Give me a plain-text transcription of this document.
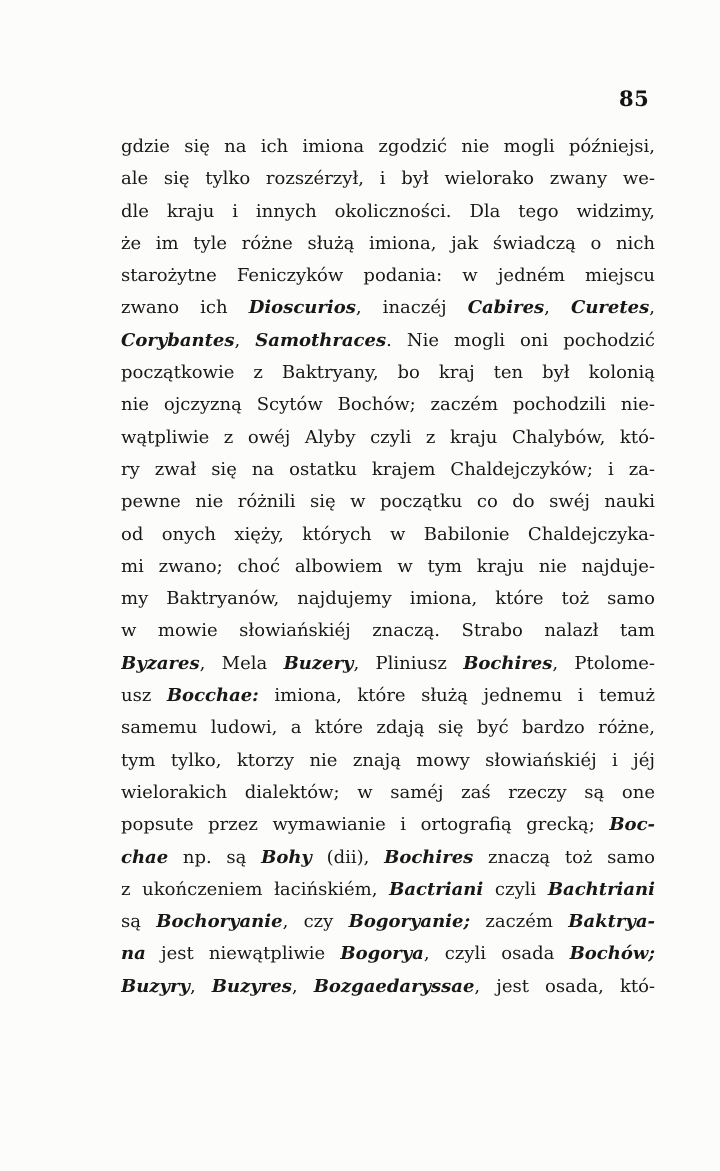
85
gdzie się na ich imiona zgodzić nie mogli późniejsi,
ale się tylko rozszérzył, i był wielorako zwany we-
dle kraju i innych okoliczności. Dla tego widzimy,
że im tyle różne służą imiona, jak świadczą o nich
starożytne Feniczyków podania: w jedném miejscu
zwano ich Dioscurios, inaczéj Cabires, Curetes,
Corybantes, Samothraces. Nie mogli oni pochodzić
początkowie z Baktryany, bo kraj ten był kolonią
nie ojczyzną Scytów Bochów; zaczém pochodzili nie-
wątpliwie z owéj Alyby czyli z kraju Chalybów, któ-
ry zwał się na ostatku krajem Chaldejczyków; i za-
pewne nie różnili się w początku co do swéj nauki
od onych xięży, których w Babilonie Chaldejczyka-
mi zwano; choć albowiem w tym kraju nie najduje-
my Baktryanów, najdujemy imiona, które toż samo
w mowie słowiańskiéj znaczą. Strabo nalazł tam
Byzares, Mela Buzery, Pliniusz Bochires, Ptolome-
usz Bocchae: imiona, które służą jednemu i temuż
samemu ludowi, a które zdają się być bardzo różne,
tym tylko, ktorzy nie znają mowy słowiańskiéj i jéj
wielorakich dialektów; w saméj zaś rzeczy są one
popsute przez wymawianie i ortografią grecką; Boc-
chae np. są Bohy (dii), Bochires znaczą toż samo
z ukończeniem łacińskiém, Bactriani czyli Bachtriani
są Bochoryanie, czy Bogoryanie; zaczém Baktrya-
na jest niewątpliwie Bogorya, czyli osada Bochów;
Buzyry, Buzyres, Bozgaedaryssae, jest osada, któ-
